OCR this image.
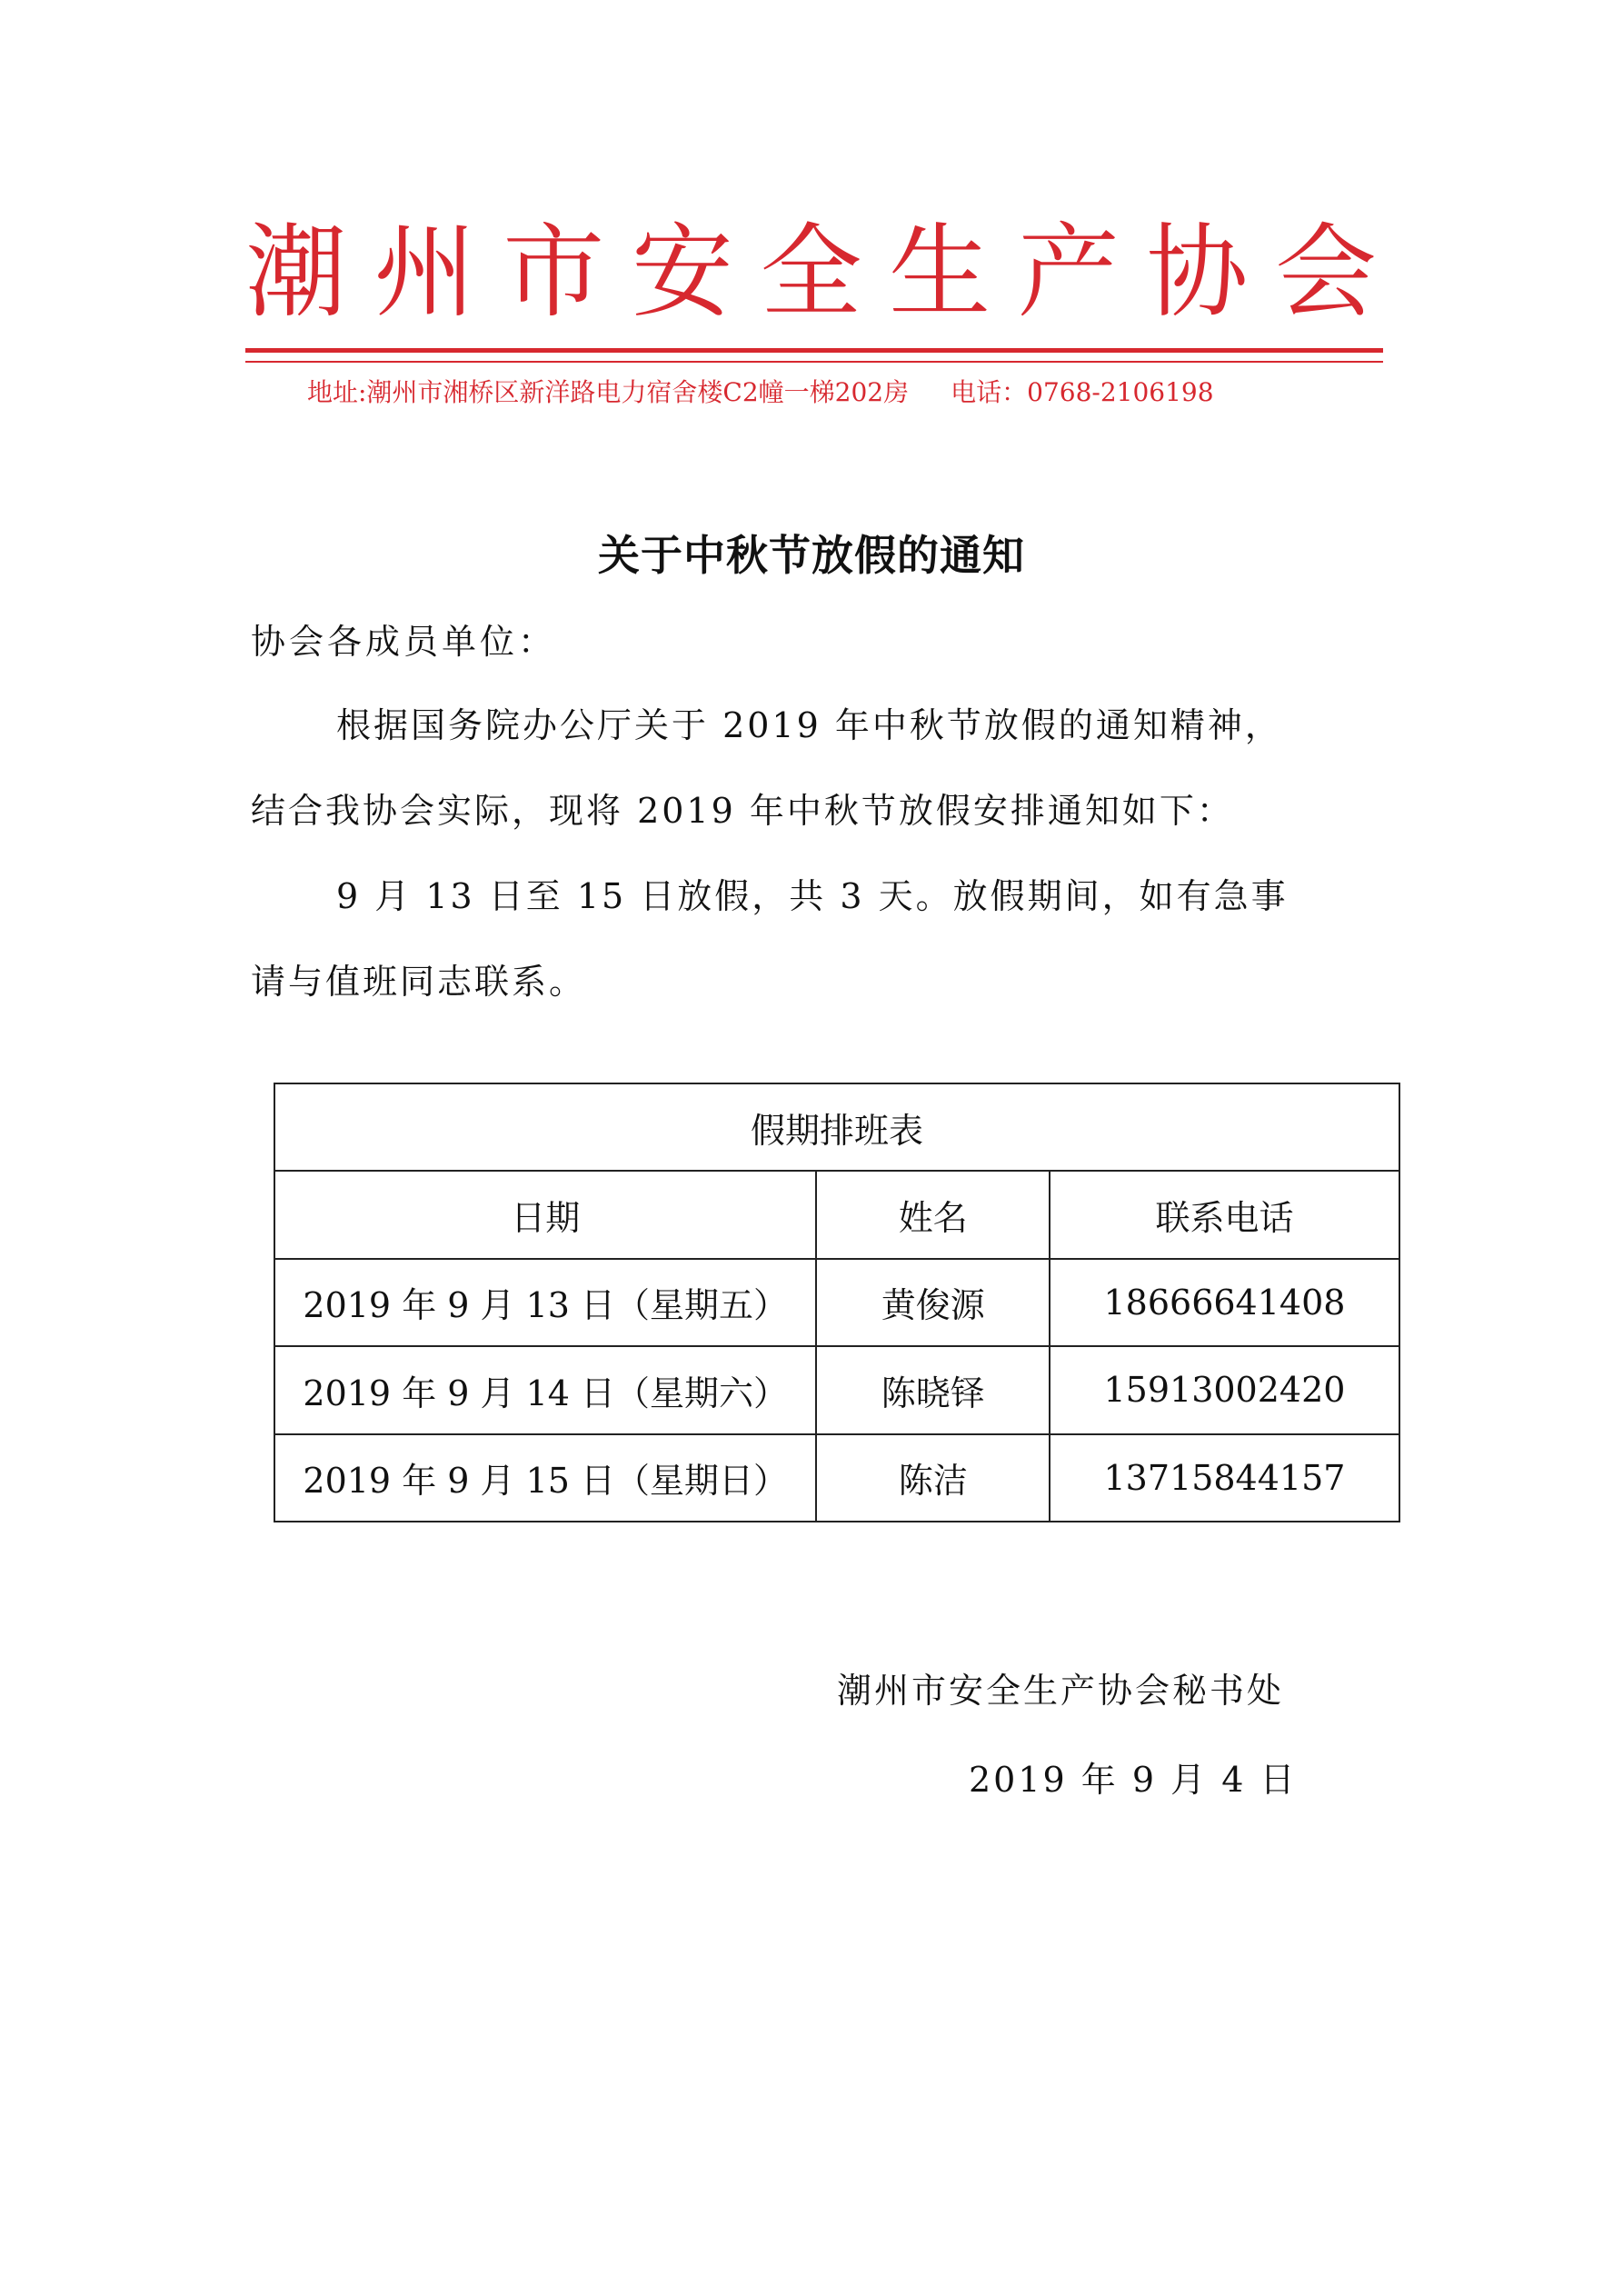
潮 州 市 安 全 生 产 协 会
地址:潮州市湘桥区新洋路电力宿舍楼C2幢一梯202房 电话：0768-2106198
关于中秋节放假的通知
协会各成员单位：
根据国务院办公厅关于 2019 年中秋节放假的通知精神，
结合我协会实际，现将 2019 年中秋节放假安排通知如下：
9 月 13 日至 15 日放假，共 3 天。放假期间，如有急事
请与值班同志联系。
假期排班表		
日期	姓名	联系电话
2019 年 9 月 13 日（星期五）	黄俊源	18666641408
2019 年 9 月 14 日（星期六）	陈晓铎	15913002420
2019 年 9 月 15 日（星期日）	陈洁	13715844157
潮州市安全生产协会秘书处
2019 年 9 月 4 日
